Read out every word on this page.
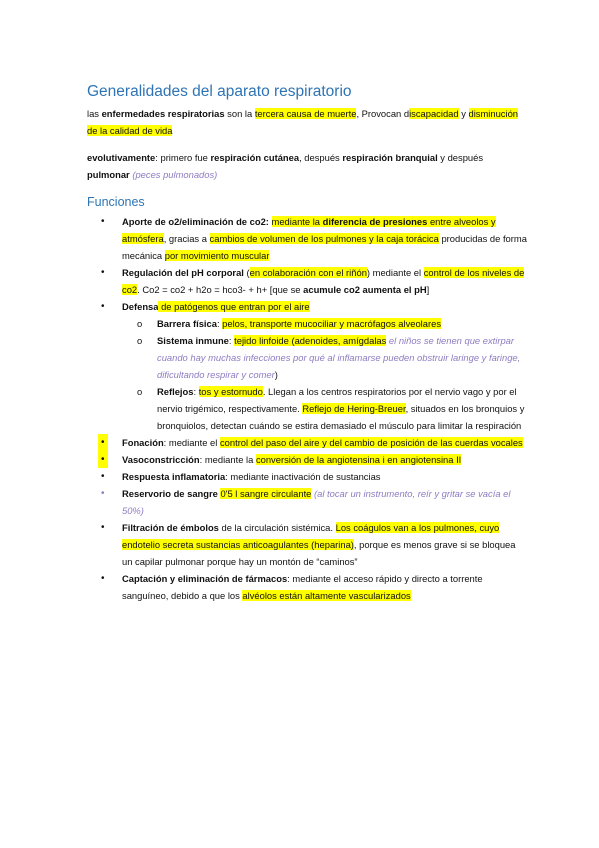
Generalidades del aparato respiratorio

las enfermedades respiratorias son la tercera causa de muerte, Provocan discapacidad y disminución de la calidad de vida

evolutivamente: primero fue respiración cutánea, después respiración branquial y después pulmonar (peces pulmonados)

Funciones
• Aporte de o2/eliminación de co2: mediante la diferencia de presiones entre alveolos y atmósfera, gracias a cambios de volumen de los pulmones y la caja torácica producidas de forma mecánica por movimiento muscular
• Regulación del pH corporal (en colaboración con el riñón) mediante el control de los niveles de co2. Co2 = co2 + h2o = hco3- + h+ [que se acumule co2 aumenta el pH]
• Defensa de patógenos que entran por el aire
o Barrera física: pelos, transporte mucociliar y macrófagos alveolares
o Sistema inmune: tejido linfoide (adenoides, amígdalas el niños se tienen que extirpar cuando hay muchas infecciones por qué al inflamarse pueden obstruir laringe y faringe, dificultando respirar y comer)
o Reflejos: tos y estornudo. Llegan a los centros respiratorios por el nervio vago y por el nervio trigémico, respectivamente. Reflejo de Hering-Breuer, situados en los bronquios y bronquiolos, detectan cuándo se estira demasiado el músculo para limitar la respiración
•	Fonación: mediante el control del paso del aire y del cambio de posición de las cuerdas vocales
•	Vasoconstricción: mediante la conversión de la angiotensina i en angiotensina II
• Respuesta inflamatoria: mediante inactivación de sustancias
• Reservorio de sangre 0'5 l sangre circulante (al tocar un instrumento, reír y gritar se vacía el 50%)
• Filtración de émbolos de la circulación sistémica. Los coágulos van a los pulmones, cuyo endotelio secreta sustancias anticoagulantes (heparina), porque es menos grave si se bloquea un capilar pulmonar porque hay un montón de “caminos”
• Captación y eliminación de fármacos: mediante el acceso rápido y directo a torrente sanguíneo, debido a que los alvéolos están altamente vascularizados
